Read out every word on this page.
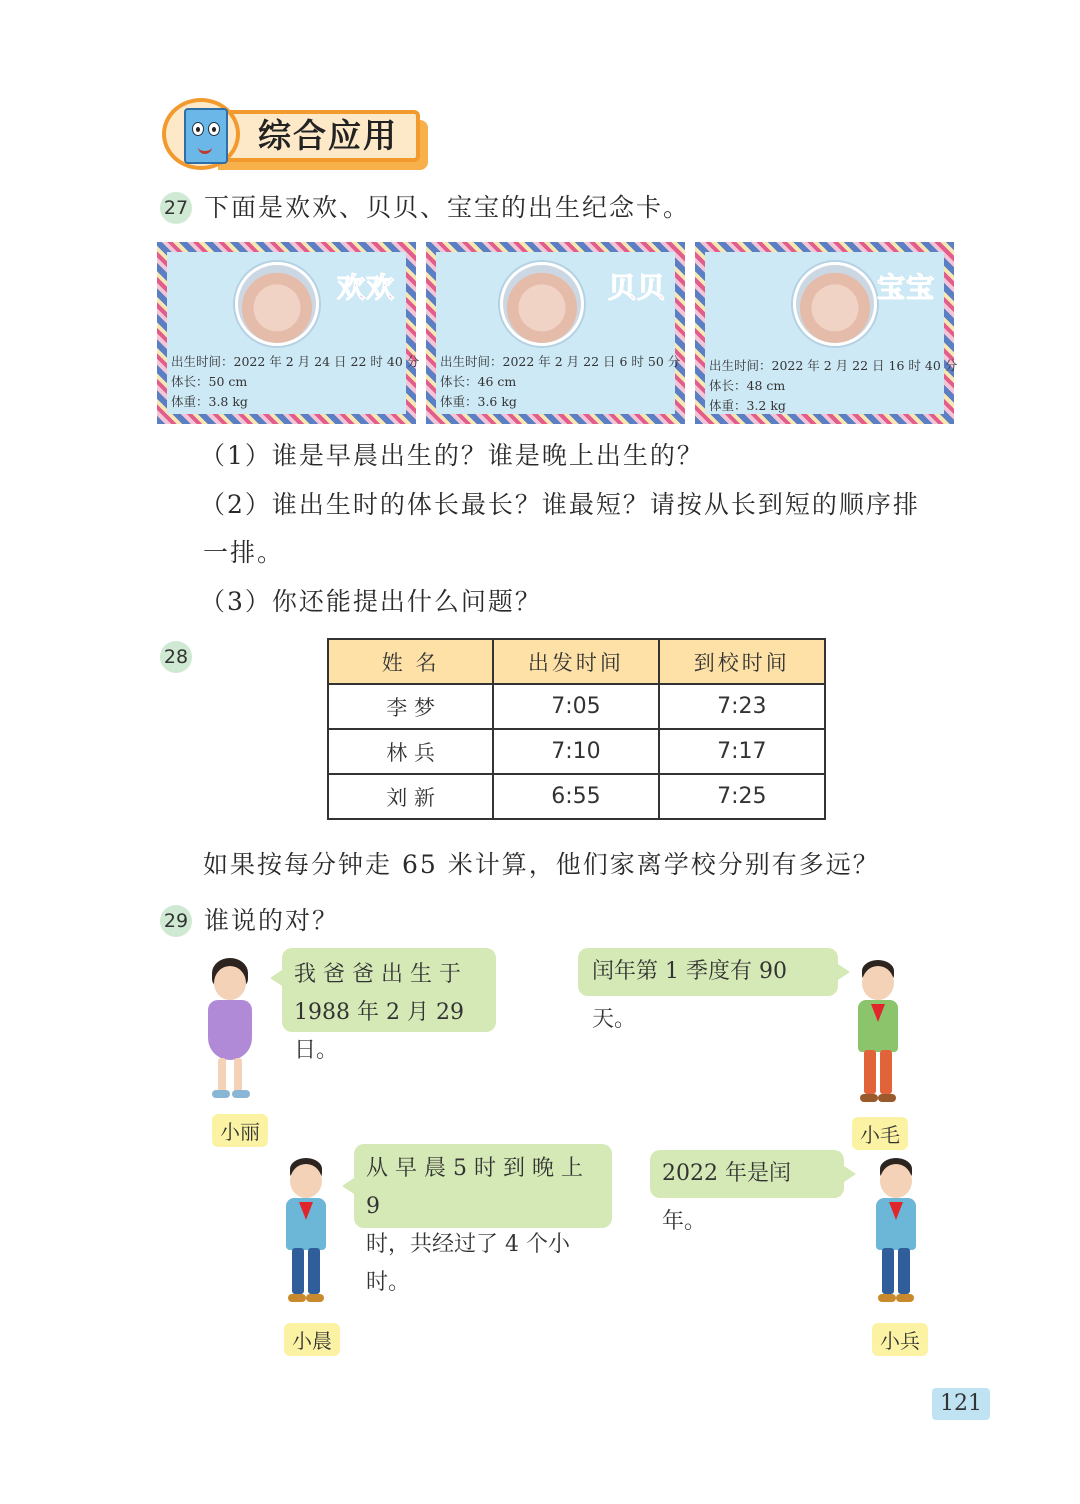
综合应用
27 下面是欢欢、贝贝、宝宝的出生纪念卡。
欢欢
出生时间：2022 年 2 月 24 日 22 时 40 分
体长：50 cm
体重：3.8 kg
贝贝
出生时间：2022 年 2 月 22 日 6 时 50 分
体长：46 cm
体重：3.6 kg
宝宝
出生时间：2022 年 2 月 22 日 16 时 40 分
体长：48 cm
体重：3.2 kg
（1）谁是早晨出生的？谁是晚上出生的？
（2）谁出生时的体长最长？谁最短？请按从长到短的顺序排
一排。
（3）你还能提出什么问题？
28	姓 名	出发时间	到校时间
李 梦	7:05	7:23
林 兵	7:10	7:17
刘 新	6:55	7:25
如果按每分钟走 65 米计算，他们家离学校分别有多远？
29 谁说的对？
我 爸 爸 出 生 于
1988 年 2 月 29 日。
小丽
闰年第 1 季度有 90 天。
小毛
从 早 晨 5 时 到 晚 上 9
时，共经过了 4 个小时。
小晨
2022 年是闰年。
小兵
121
